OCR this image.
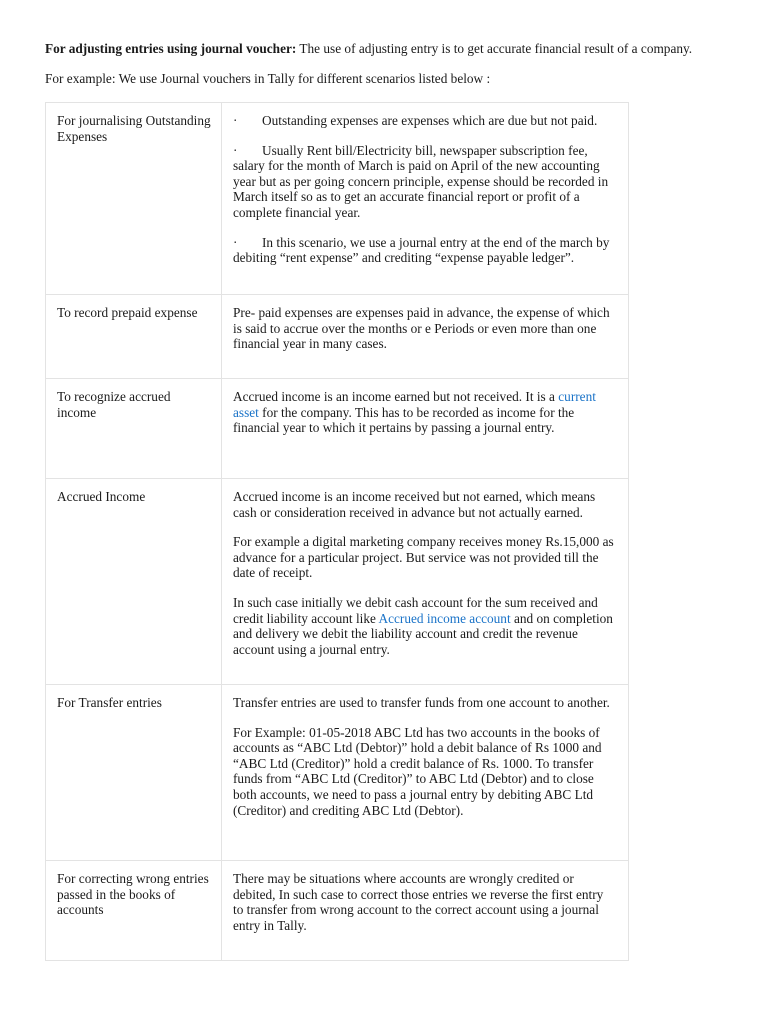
For adjusting entries using journal voucher: The use of adjusting entry is to get accurate financial result of a company.

For example: We use Journal vouchers in Tally for different scenarios listed below :

For journalising Outstanding Expenses	· Outstanding expenses are expenses which are due but not paid.

· Usually Rent bill/Electricity bill, newspaper subscription fee, salary for the month of March is paid on April of the new accounting year but as per going concern principle, expense should be recorded in March itself so as to get an accurate financial report or profit of a complete financial year.

· In this scenario, we use a journal entry at the end of the march by debiting “rent expense” and crediting “expense payable ledger”.

To record prepaid expense	Pre- paid expenses are expenses paid in advance, the expense of which is said to accrue over the months or e Periods or even more than one financial year in many cases.

To recognize accrued income	Accrued income is an income earned but not received. It is a current asset for the company. This has to be recorded as income for the financial year to which it pertains by passing a journal entry.

Accrued Income	Accrued income is an income received but not earned, which means cash or consideration received in advance but not actually earned.

For example a digital marketing company receives money Rs.15,000 as advance for a particular project. But service was not provided till the date of receipt.

In such case initially we debit cash account for the sum received and credit liability account like Accrued income account and on completion and delivery we debit the liability account and credit the revenue account using a journal entry.

For Transfer entries	Transfer entries are used to transfer funds from one account to another.

For Example: 01-05-2018 ABC Ltd has two accounts in the books of accounts as “ABC Ltd (Debtor)” hold a debit balance of Rs 1000 and “ABC Ltd (Creditor)” hold a credit balance of Rs. 1000. To transfer funds from “ABC Ltd (Creditor)” to ABC Ltd (Debtor) and to close both accounts, we need to pass a journal entry by debiting ABC Ltd (Creditor) and crediting ABC Ltd (Debtor).

For correcting wrong entries passed in the books of accounts	There may be situations where accounts are wrongly credited or debited, In such case to correct those entries we reverse the first entry to transfer from wrong account to the correct account using a journal entry in Tally.
